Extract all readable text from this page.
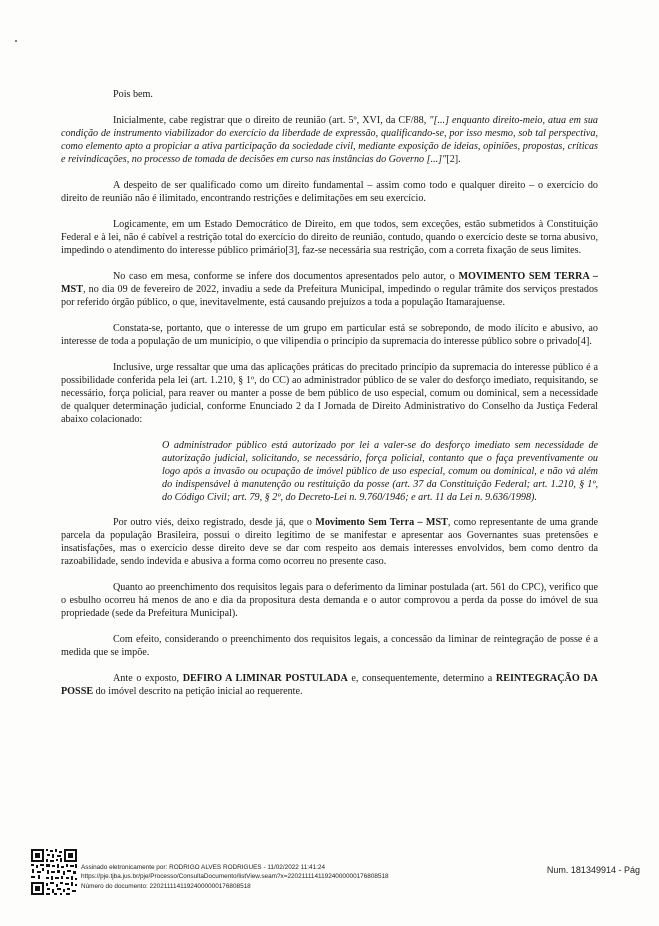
Pois bem.

Inicialmente, cabe registrar que o direito de reunião (art. 5º, XVI, da CF/88, "[...] enquanto direito-meio, atua em sua condição de instrumento viabilizador do exercício da liberdade de expressão, qualificando-se, por isso mesmo, sob tal perspectiva, como elemento apto a propiciar a ativa participação da sociedade civil, mediante exposição de ideias, opiniões, propostas, críticas e reivindicações, no processo de tomada de decisões em curso nas instâncias do Governo [...]"[2].

A despeito de ser qualificado como um direito fundamental – assim como todo e qualquer direito – o exercício do direito de reunião não é ilimitado, encontrando restrições e delimitações em seu exercício.

Logicamente, em um Estado Democrático de Direito, em que todos, sem exceções, estão submetidos à Constituição Federal e à lei, não é cabível a restrição total do exercício do direito de reunião, contudo, quando o exercício deste se torna abusivo, impedindo o atendimento do interesse público primário[3], faz-se necessária sua restrição, com a correta fixação de seus limites.

No caso em mesa, conforme se infere dos documentos apresentados pelo autor, o MOVIMENTO SEM TERRA – MST, no dia 09 de fevereiro de 2022, invadiu a sede da Prefeitura Municipal, impedindo o regular trâmite dos serviços prestados por referido órgão público, o que, inevitavelmente, está causando prejuízos a toda a população Itamarajuense.

Constata-se, portanto, que o interesse de um grupo em particular está se sobrepondo, de modo ilícito e abusivo, ao interesse de toda a população de um município, o que vilipendia o princípio da supremacia do interesse público sobre o privado[4].

Inclusive, urge ressaltar que uma das aplicações práticas do precitado princípio da supremacia do interesse público é a possibilidade conferida pela lei (art. 1.210, § 1º, do CC) ao administrador público de se valer do desforço imediato, requisitando, se necessário, força policial, para reaver ou manter a posse de bem público de uso especial, comum ou dominical, sem a necessidade de qualquer determinação judicial, conforme Enunciado 2 da I Jornada de Direito Administrativo do Conselho da Justiça Federal abaixo colacionado:

O administrador público está autorizado por lei a valer-se do desforço imediato sem necessidade de autorização judicial, solicitando, se necessário, força policial, contanto que o faça preventivamente ou logo após a invasão ou ocupação de imóvel público de uso especial, comum ou dominical, e não vá além do indispensável à manutenção ou restituição da posse (art. 37 da Constituição Federal; art. 1.210, § 1º, do Código Civil; art. 79, § 2º, do Decreto-Lei n. 9.760/1946; e art. 11 da Lei n. 9.636/1998).

Por outro viés, deixo registrado, desde já, que o Movimento Sem Terra – MST, como representante de uma grande parcela da população Brasileira, possui o direito legítimo de se manifestar e apresentar aos Governantes suas pretensões e insatisfações, mas o exercício desse direito deve se dar com respeito aos demais interesses envolvidos, bem como dentro da razoabilidade, sendo indevida e abusiva a forma como ocorreu no presente caso.

Quanto ao preenchimento dos requisitos legais para o deferimento da liminar postulada (art. 561 do CPC), verifico que o esbulho ocorreu há menos de ano e dia da propositura desta demanda e o autor comprovou a perda da posse do imóvel de sua propriedade (sede da Prefeitura Municipal).

Com efeito, considerando o preenchimento dos requisitos legais, a concessão da liminar de reintegração de posse é a medida que se impõe.

Ante o exposto, DEFIRO A LIMINAR POSTULADA e, consequentemente, determino a REINTEGRAÇÃO DA POSSE do imóvel descrito na petição inicial ao requerente.

Assinado eletronicamente por: RODRIGO ALVES RODRIGUES - 11/02/2022 11:41:24
https://pje.tjba.jus.br/pje/Processo/ConsultaDocumento/listView.seam?x=22021111411924000000176808518
Número do documento: 22021111411924000000176808518
Num. 181349914 - Pág
